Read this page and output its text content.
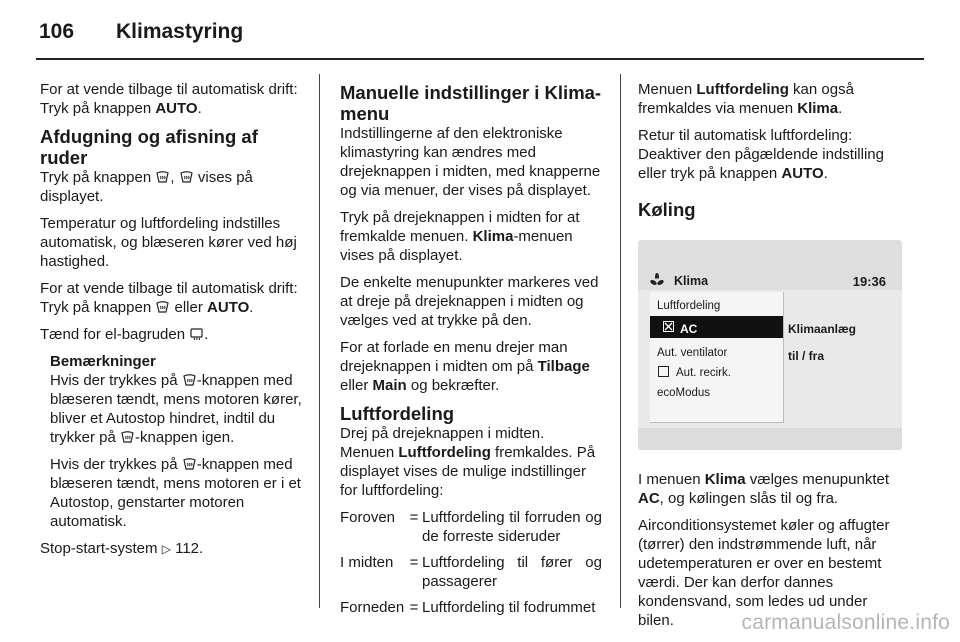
106 Klimastyring

For at vende tilbage til automatisk drift: Tryk på knappen AUTO.

Afdugning og afisning af ruder

Tryk på knappen
,
vises på displayet.

Temperatur og luftfordeling indstilles automatisk, og blæseren kører ved høj hastighed.

For at vende tilbage til automatisk drift: Tryk på knappen
eller AUTO.

Tænd for el-bagruden
.

Bemærkninger

Hvis der trykkes på
-knappen med blæseren tændt, mens motoren kører, bliver et Autostop hindret, indtil du trykker på
-knappen igen.

Hvis der trykkes på
-knappen med blæseren tændt, mens motoren er i et Autostop, genstarter motoren automatisk.

Stop-start-system ▷ 112.

Manuelle indstillinger i Klima-menu

Indstillingerne af den elektroniske klimastyring kan ændres med drejeknappen i midten, med knapperne og via menuer, der vises på displayet.

Tryk på drejeknappen i midten for at fremkalde menuen. Klima-menuen vises på displayet.

De enkelte menupunkter markeres ved at dreje på drejeknappen i midten og vælges ved at trykke på den.

For at forlade en menu drejer man drejeknappen i midten om på Tilbage eller Main og bekræfter.

Luftfordeling

Drej på drejeknappen i midten. Menuen Luftfordeling fremkaldes. På displayet vises de mulige indstillinger for luftfordeling:

Foroven = Luftfordeling til forruden og de forreste sideruder
I midten	= Luftfordeling til fører og passagerer
Forneden = Luftfordeling til fodrummet

Menuen Luftfordeling kan også fremkaldes via menuen Klima.

Retur til automatisk luftfordeling: Deaktiver den pågældende indstilling eller tryk på knappen AUTO.

Køling
Klima	19:36
Luftfordeling
AC
Aut. ventilator
Aut. recirk.
ecoModus
Klimaanlæg
til / fra

I menuen Klima vælges menupunktet AC, og kølingen slås til og fra.

Airconditionsystemet køler og affugter (tørrer) den indstrømmende luft, når udetemperaturen er over en bestemt værdi. Der kan derfor dannes kondensvand, som ledes ud under bilen.	carmanualsonline.info
